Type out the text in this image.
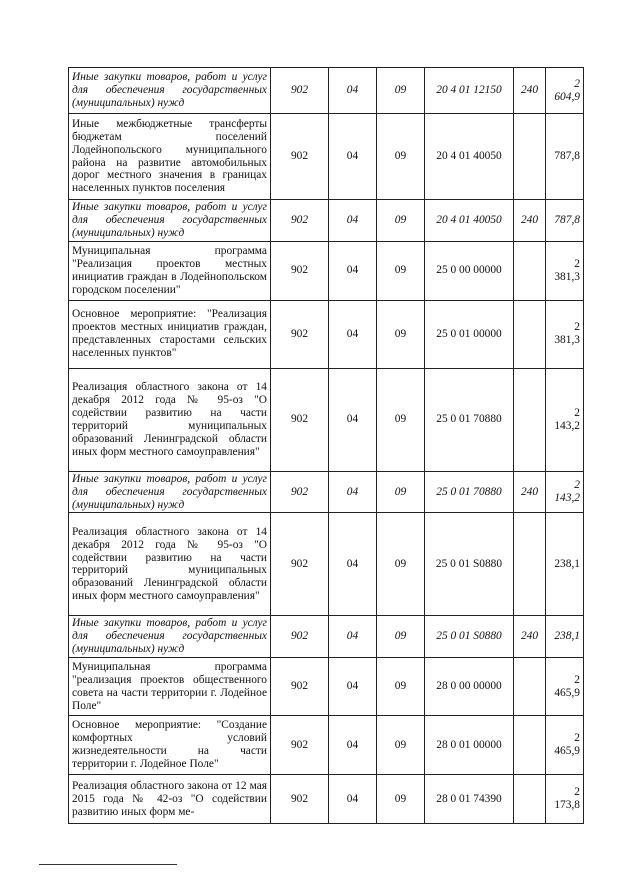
Иные закупки товаров, работ и услуг для обеспечения государственных (муниципальных) нужд	902	04	09	20 4 01 12150	240	2 604,9
Иные межбюджетные трансферты бюджетам поселений Лодейнопольского муниципального района на развитие автомобильных дорог местного значения в границах населенных пунктов поселения	902	04	09	20 4 01 40050		787,8
Иные закупки товаров, работ и услуг для обеспечения государственных (муниципальных) нужд	902	04	09	20 4 01 40050	240	787,8
Муниципальная программа "Реализация проектов местных инициатив граждан в Лодейнопольском городском поселении"	902	04	09	25 0 00 00000		2 381,3
Основное мероприятие: "Реализация проектов местных инициатив граждан, представленных старостами сельских населенных пунктов"	902	04	09	25 0 01 00000		2 381,3
Реализация областного закона от 14 декабря 2012 года № 95-оз "О содействии развитию на части территорий муниципальных образований Ленинградской области иных форм местного самоуправления"	902	04	09	25 0 01 70880		2 143,2
Иные закупки товаров, работ и услуг для обеспечения государственных (муниципальных) нужд	902	04	09	25 0 01 70880	240	2 143,2
Реализация областного закона от 14 декабря 2012 года № 95-оз "О содействии развитию на части территорий муниципальных образований Ленинградской области иных форм местного самоуправления"	902	04	09	25 0 01 S0880		238,1
Иные закупки товаров, работ и услуг для обеспечения государственных (муниципальных) нужд	902	04	09	25 0 01 S0880	240	238,1
Муниципальная программа "реализация проектов общественного совета на части территории г. Лодейное Поле"	902	04	09	28 0 00 00000		2 465,9
Основное мероприятие: "Создание комфортных условий жизнедеятельности на части территории г. Лодейное Поле"	902	04	09	28 0 01 00000		2 465,9
Реализация областного закона от 12 мая 2015 года № 42-оз "О содействии развитию иных форм ме-	902	04	09	28 0 01 74390		2 173,8
